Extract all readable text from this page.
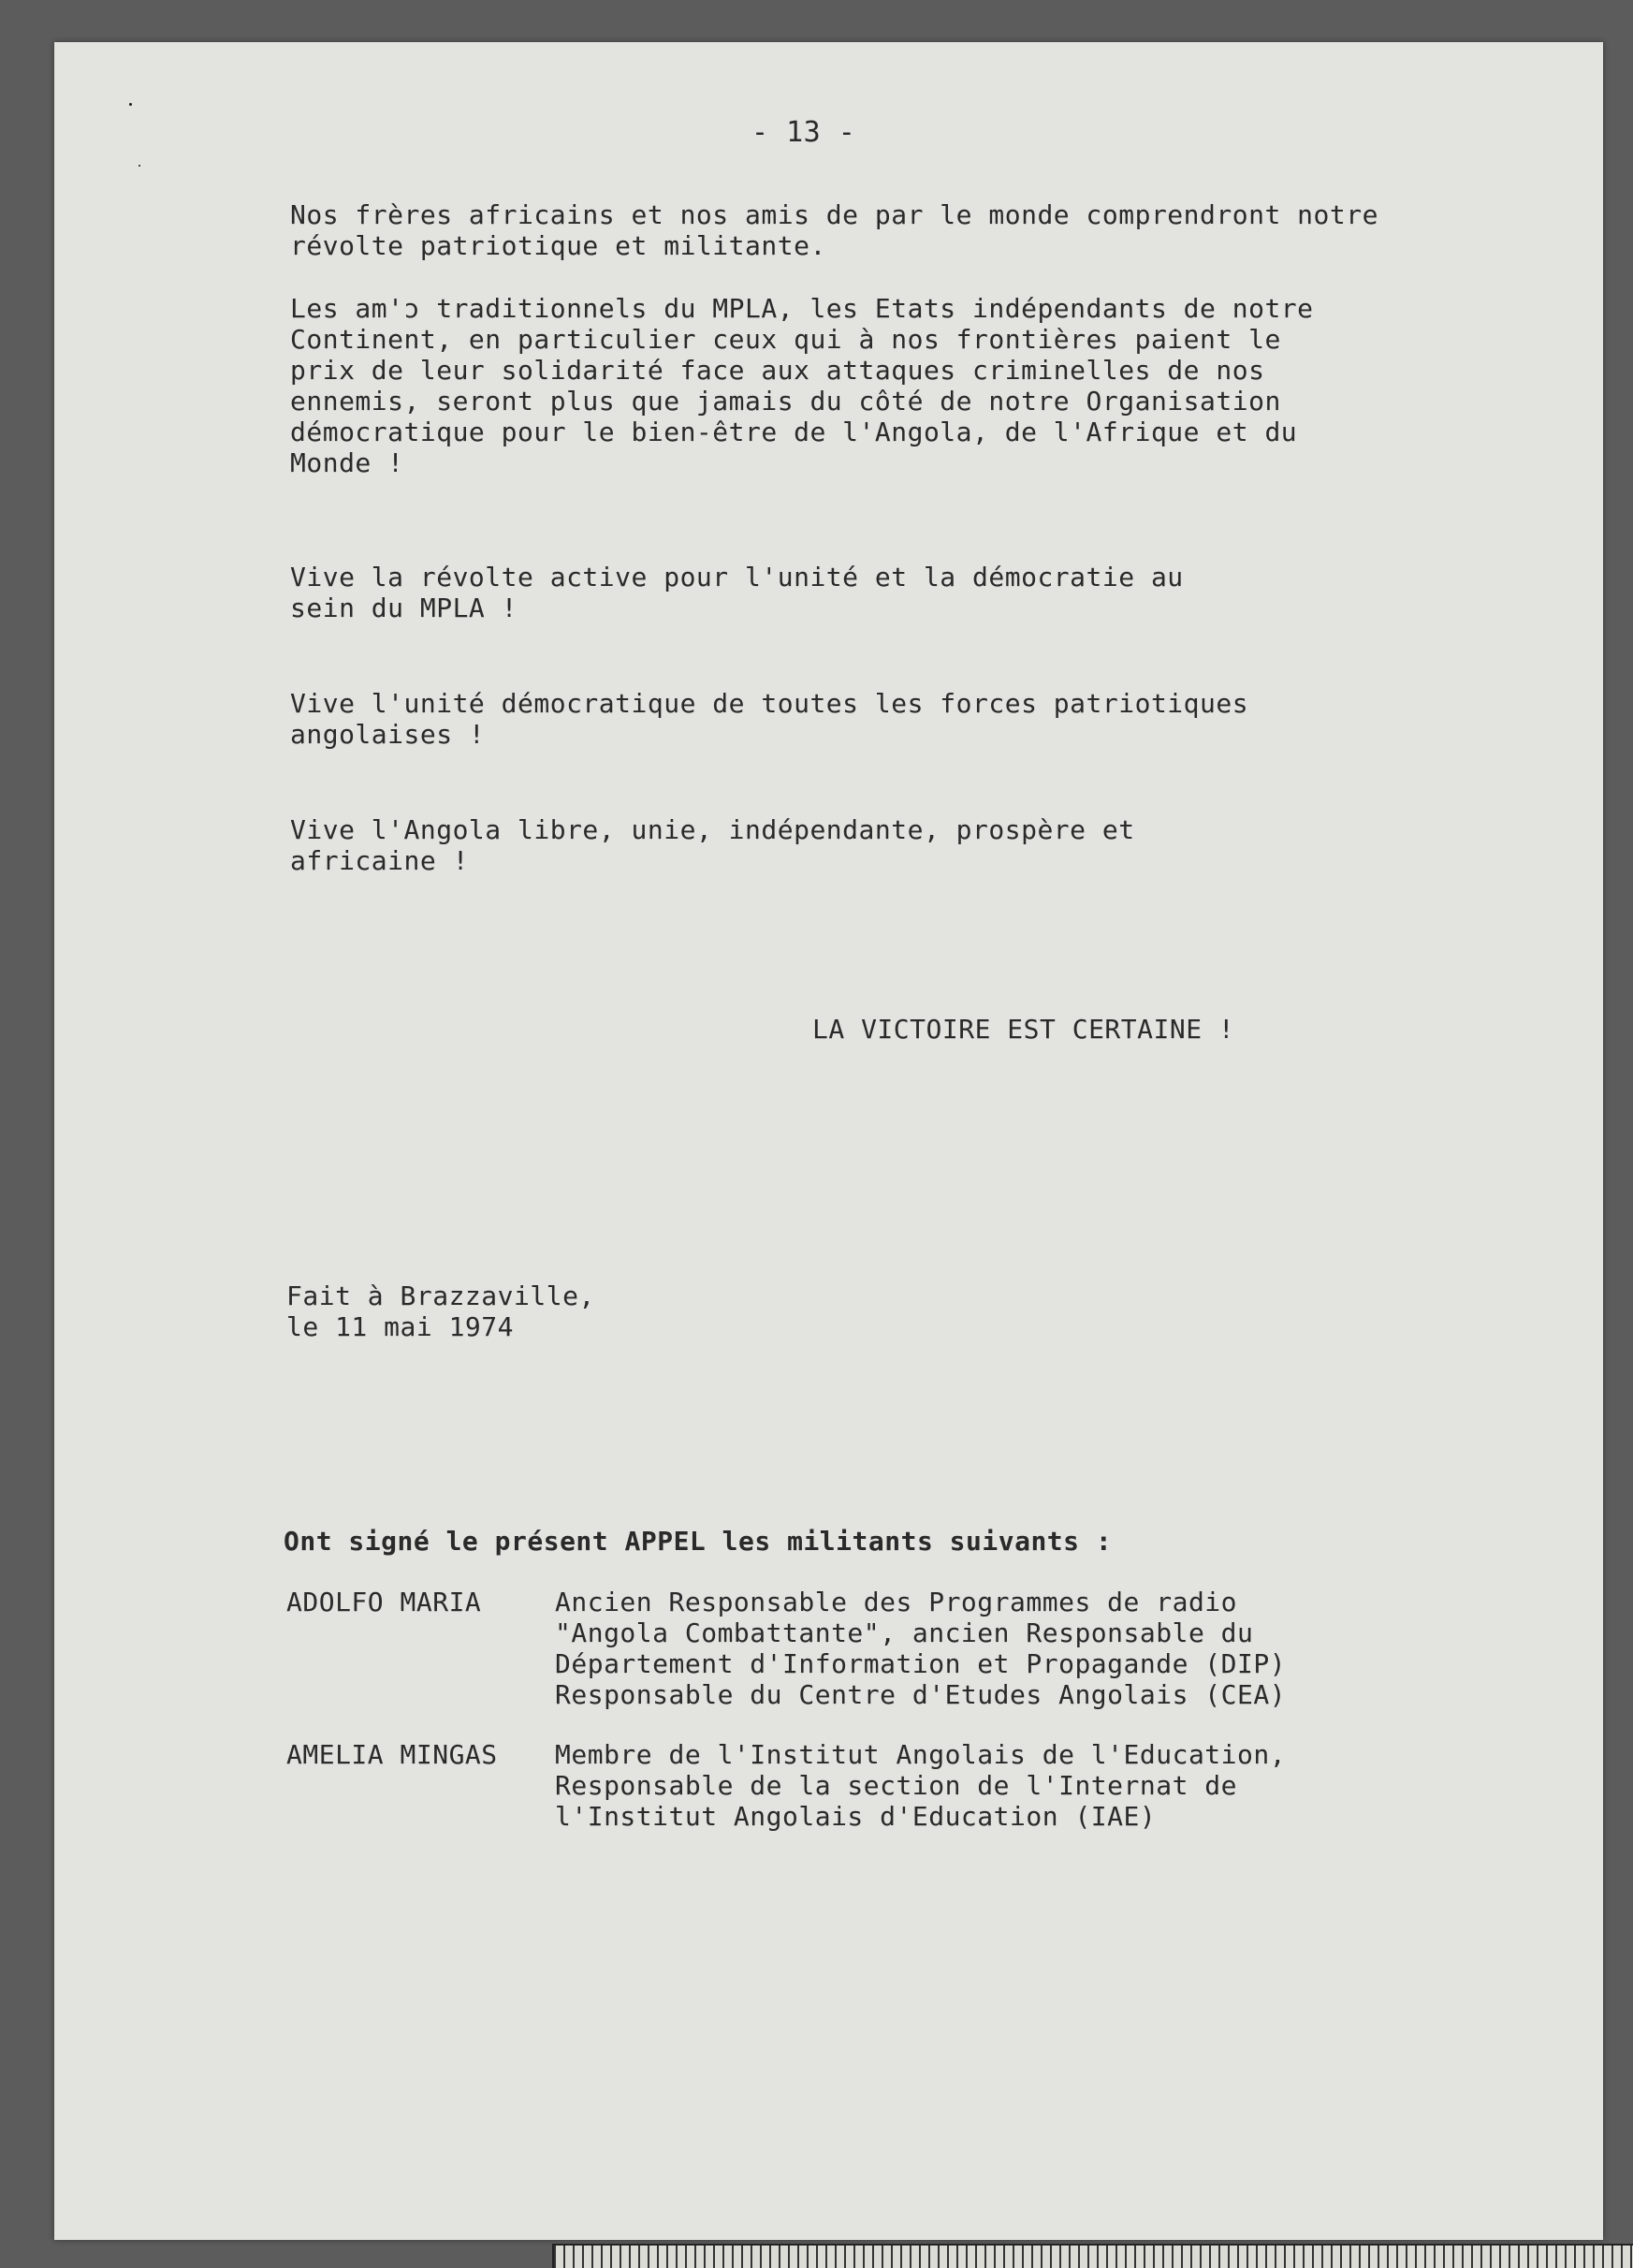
- 13 -
Nos frères africains et nos amis de par le monde comprendront notre
révolte patriotique et militante.
Les am'ɔ traditionnels du MPLA, les Etats indépendants de notre
Continent, en particulier ceux qui à nos frontières paient le
prix de leur solidarité face aux attaques criminelles de nos
ennemis, seront plus que jamais du côté de notre Organisation
démocratique pour le bien-être de l'Angola, de l'Afrique et du
Monde !
Vive la révolte active pour l'unité et la démocratie au
sein du MPLA !
Vive l'unité démocratique de toutes les forces patriotiques
angolaises !
Vive l'Angola libre, unie, indépendante, prospère et
africaine !
LA VICTOIRE EST CERTAINE !
Fait à Brazzaville,
le 11 mai 1974
Ont signé le présent APPEL les militants suivants :
ADOLFO MARIA	Ancien Responsable des Programmes de radio
"Angola Combattante", ancien Responsable du
Département d'Information et Propagande (DIP)
Responsable du Centre d'Etudes Angolais (CEA)
AMELIA MINGAS Membre de l'Institut Angolais de l'Education,
Responsable de la section de l'Internat de
l'Institut Angolais d'Education (IAE)
